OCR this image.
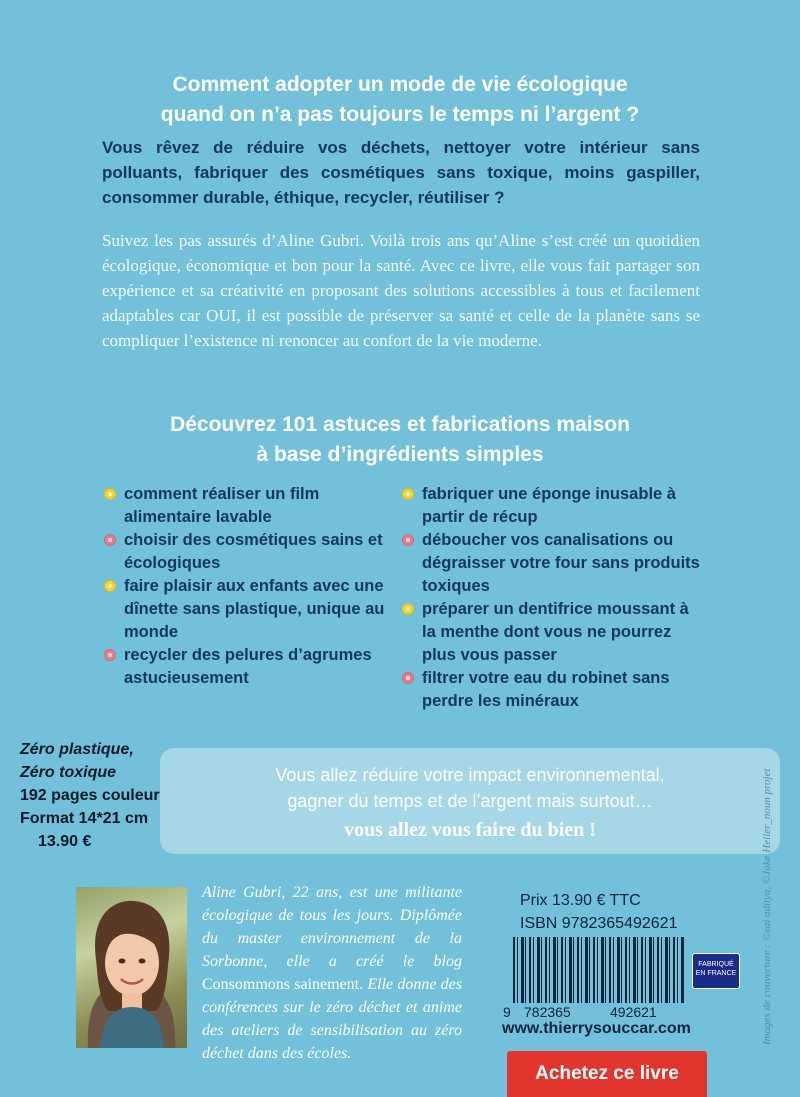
Comment adopter un mode de vie écologique
quand on n’a pas toujours le temps ni l’argent ?
Vous rêvez de réduire vos déchets, nettoyer votre intérieur sans polluants, fabriquer des cosmétiques sans toxique, moins gaspiller, consommer durable, éthique, recycler, réutiliser ?
Suivez les pas assurés d’Aline Gubri. Voilà trois ans qu’Aline s’est créé un quotidien écologique, économique et bon pour la santé. Avec ce livre, elle vous fait partager son expérience et sa créativité en proposant des solutions accessibles à tous et facilement adaptables car OUI, il est possible de préserver sa santé et celle de la planète sans se compliquer l’existence ni renoncer au confort de la vie moderne.
Découvrez 101 astuces et fabrications maison
à base d’ingrédients simples

comment réaliser un film alimentaire lavable

choisir des cosmétiques sains et écologiques

faire plaisir aux enfants avec une dînette sans plastique, unique au monde

recycler des pelures d’agrumes astucieusement

fabriquer une éponge inusable à partir de récup

déboucher vos canalisations ou dégraisser votre four sans produits toxiques

préparer un dentifrice moussant à la menthe dont vous ne pourrez plus vous passer

filtrer votre eau du robinet sans perdre les minéraux

Zéro plastique,
Zéro toxique
192 pages couleur
Format 14*21 cm
13.90 €
Vous allez réduire votre impact environnemental,
gagner du temps et de l’argent mais surtout…
vous allez vous faire du bien !
Aline Gubri, 22 ans, est une militante écologique de tous les jours. Diplômée du master environnement de la Sorbonne, elle a créé le blog Consommons sainement. Elle donne des conférences sur le zéro déchet et anime des ateliers de sensibilisation au zéro déchet dans des écoles.
Prix 13.90 € TTC
ISBN 9782365492621
9 782365	492621
FABRIQUÉ
EN FRANCE
www.thierrysouccar.com
Achetez ce livre
Images de couverture : ©sai aditya, ©Jake Heller_noun projet
